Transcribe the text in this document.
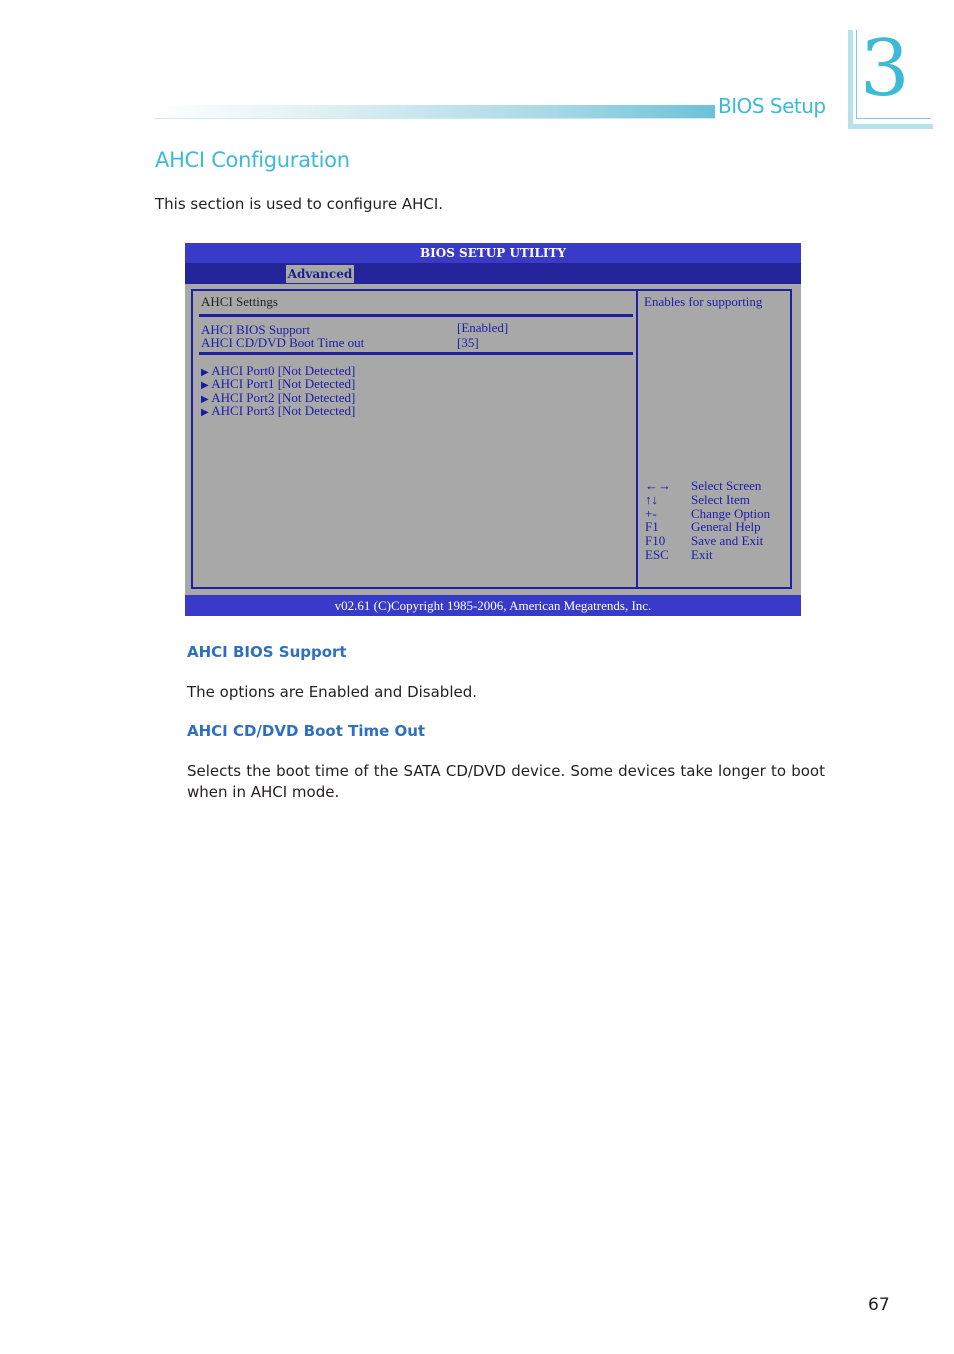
BIOS Setup 3
AHCI Configuration
This section is used to configure AHCI.
BIOS SETUP UTILITY
Advanced
AHCI Settings
AHCI BIOS Support	[Enabled]
AHCI CD/DVD Boot Time out	[35]
▶ AHCI Port0 [Not Detected]
▶ AHCI Port1 [Not Detected]
▶ AHCI Port2 [Not Detected]
▶ AHCI Port3 [Not Detected]
Enables for supporting
←→ Select Screen
↑↓	Select Item
+-	Change Option
F1 General Help
F10 Save and Exit
ESC Exit
v02.61 (C)Copyright 1985-2006, American Megatrends, Inc.
AHCI BIOS Support
The options are Enabled and Disabled.
AHCI CD/DVD Boot Time Out
Selects the boot time of the SATA CD/DVD device. Some devices take longer to boot when in AHCI mode.
67
